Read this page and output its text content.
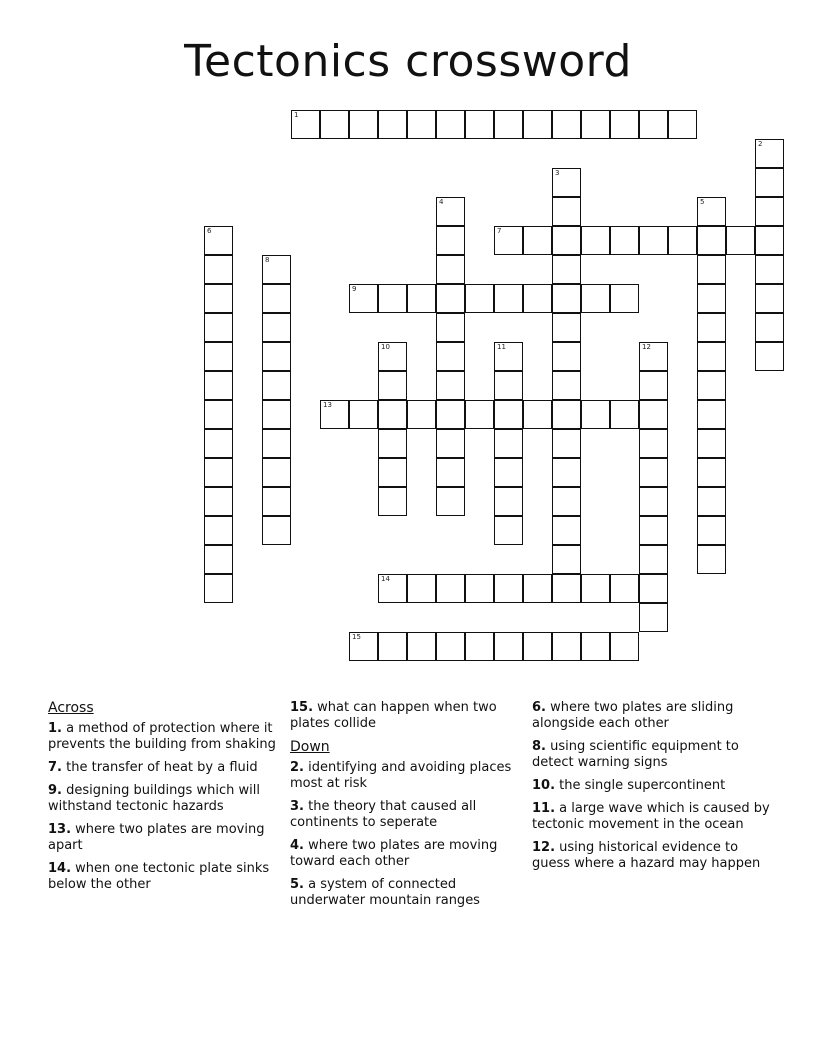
Tectonics crossword
1
2
3
4	5
6	7
8
9
10	11	12
13
14
15
Across
1. a method of protection where it prevents the building from shaking
7. the transfer of heat by a fluid
9. designing buildings which will withstand tectonic hazards
13. where two plates are moving apart
14. when one tectonic plate sinks below the other
15. what can happen when two plates collide
Down
2. identifying and avoiding places most at risk
3. the theory that caused all continents to seperate
4. where two plates are moving toward each other
5. a system of connected underwater mountain ranges
6. where two plates are sliding alongside each other
8. using scientific equipment to detect warning signs
10. the single supercontinent
11. a large wave which is caused by tectonic movement in the ocean
12. using historical evidence to guess where a hazard may happen
